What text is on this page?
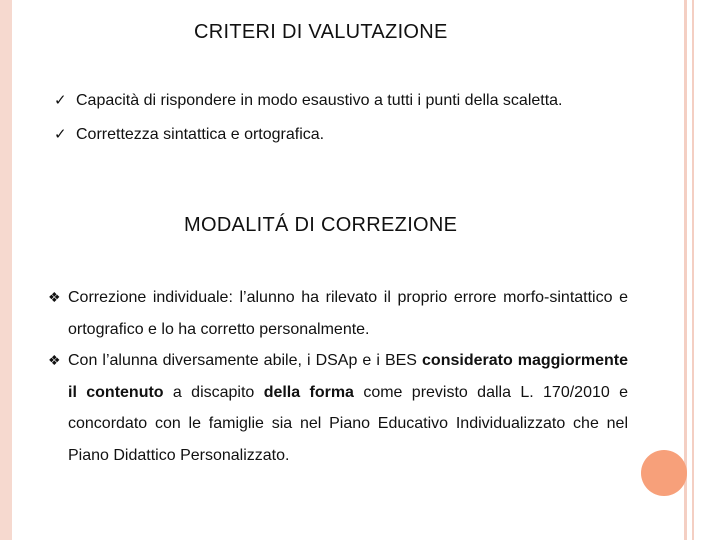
CRITERI DI VALUTAZIONE
✓ Capacità di rispondere in modo esaustivo a tutti i punti della scaletta.
✓ Correttezza sintattica e ortografica.
MODALITÁ DI CORREZIONE
❖ Correzione individuale: l’alunno ha rilevato il proprio errore morfo-sintattico e ortografico e lo ha corretto personalmente.
❖ Con l’alunna diversamente abile, i DSAp e i BES considerato maggiormente il contenuto a discapito della forma come previsto dalla L. 170/2010 e concordato con le famiglie sia nel Piano Educativo Individualizzato che nel Piano Didattico Personalizzato.
